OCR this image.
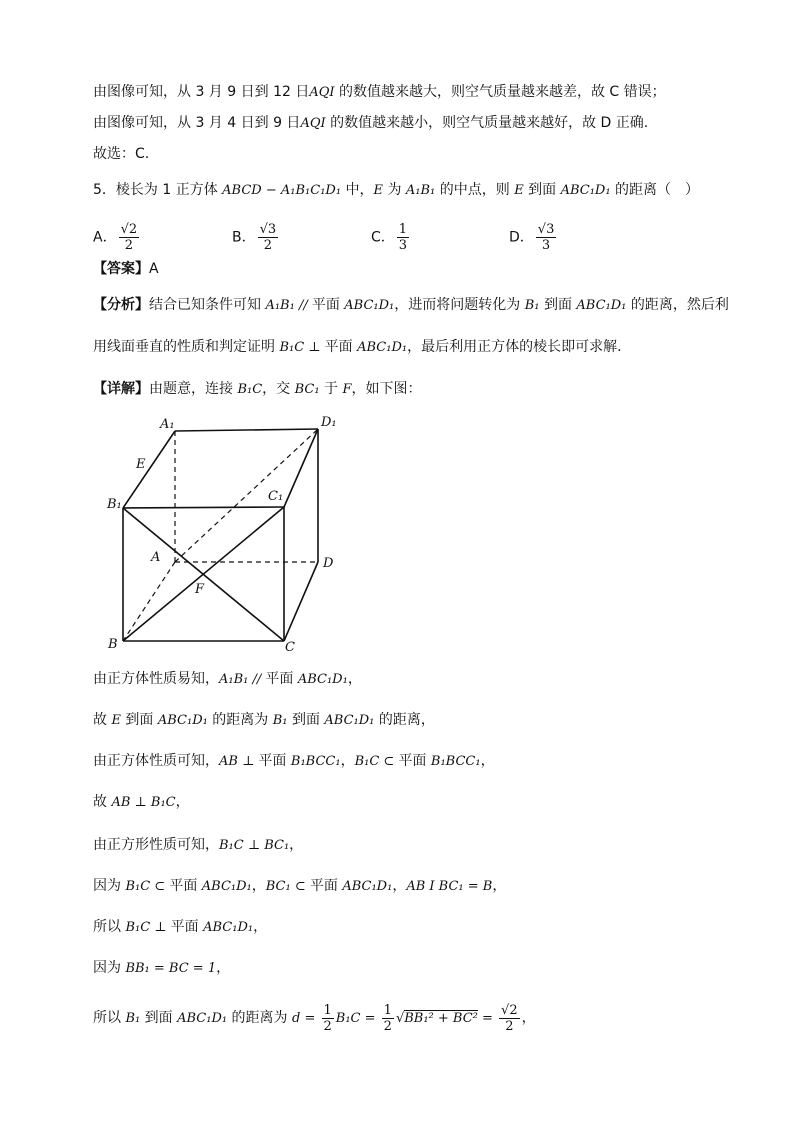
由图像可知，从 3 月 9 日到 12 日AQI 的数值越来越大，则空气质量越来越差，故 C 错误；
由图像可知，从 3 月 4 日到 9 日AQI 的数值越来越小，则空气质量越来越好，故 D 正确.
故选：C.
5．棱长为 1 正方体 ABCD − A₁B₁C₁D₁ 中，E 为 A₁B₁ 的中点，则 E 到面 ABC₁D₁ 的距离（　）
A． $\frac{√2}{2}$	B． $\frac{√3}{2}$	C． $\frac{1}{3}$	D． $\frac{√3}{3}$
【答案】A
【分析】结合已知条件可知 A₁B₁ // 平面 ABC₁D₁，进而将问题转化为 B₁ 到面 ABC₁D₁ 的距离，然后利
用线面垂直的性质和判定证明 B₁C ⊥ 平面 ABC₁D₁，最后利用正方体的棱长即可求解.
【详解】由题意，连接 B₁C，交 BC₁ 于 F，如下图：
A₁	D₁
E
B₁
C₁
A	D
F
B	C
由正方体性质易知，A₁B₁ // 平面 ABC₁D₁，
故 E 到面 ABC₁D₁ 的距离为 B₁ 到面 ABC₁D₁ 的距离，
由正方体性质可知，AB ⊥ 平面 B₁BCC₁，B₁C ⊂ 平面 B₁BCC₁，
故 AB ⊥ B₁C，
由正方形性质可知，B₁C ⊥ BC₁，
因为 B₁C ⊂ 平面 ABC₁D₁，BC₁ ⊂ 平面 ABC₁D₁，AB I BC₁ = B，
所以 B₁C ⊥ 平面 ABC₁D₁，
因为 BB₁ = BC = 1，
所以 B₁ 到面 ABC₁D₁ 的距离为 $d = \frac{1}{2} B_1C = \frac{1}{2} √BB_1^2 + BC^2 = \frac{√2}{2}$ ，
